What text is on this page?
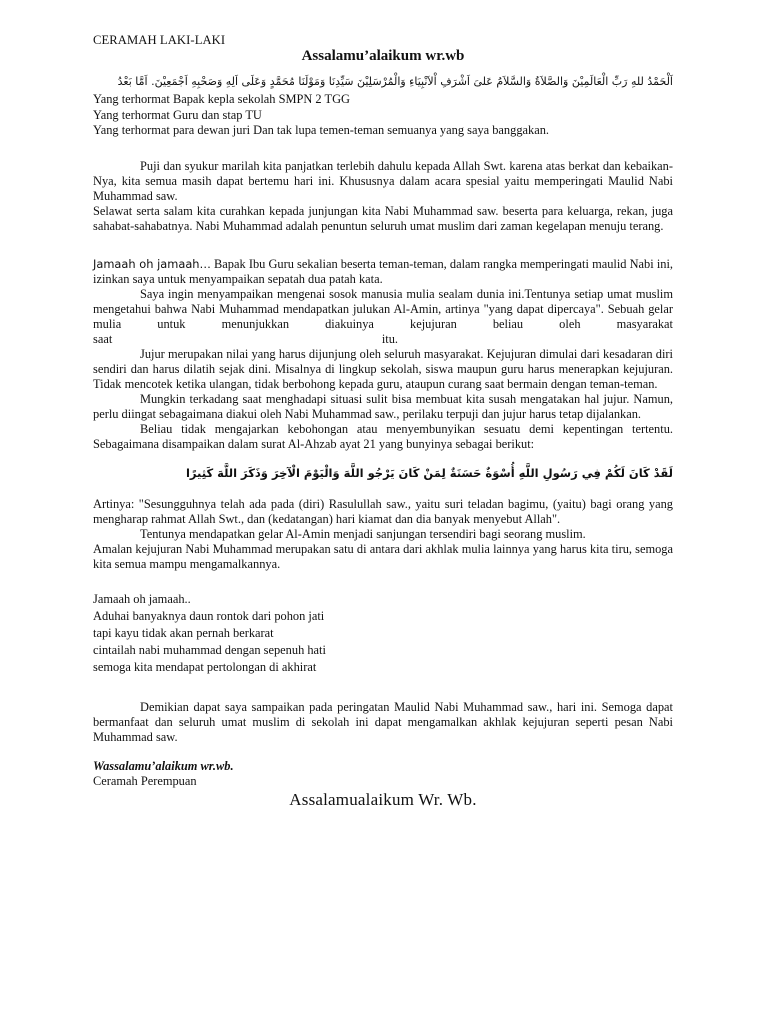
CERAMAH LAKI-LAKI
Assalamu’alaikum wr.wb
اَلْحَمْدُ للهِ رَبِّ الْعَالَمِيْنَ وَالصَّلاَةُ وَالسَّلاَمُ عَلىَ اَشْرَفِ اْلاَنْبِيَاءِ وَالْمُرْسَلِيْنَ سَيِّدِنَا وَمَوْلَنَا مُحَمَّدٍ وَعَلَى اَلِهِ وَصَحْبِهِ اَجْمَعِيْنَ. اَمَّا بَعْدُ
Yang terhormat Bapak kepla sekolah SMPN 2 TGG
Yang terhormat Guru dan stap TU
Yang terhormat para dewan juri Dan tak lupa temen-teman semuanya yang saya banggakan.

Puji dan syukur marilah kita panjatkan terlebih dahulu kepada Allah Swt. karena atas berkat dan kebaikan-Nya, kita semua masih dapat bertemu hari ini. Khususnya dalam acara spesial yaitu memperingati Maulid Nabi Muhammad saw.

Selawat serta salam kita curahkan kepada junjungan kita Nabi Muhammad saw. beserta para keluarga, rekan, juga sahabat-sahabatnya. Nabi Muhammad adalah penuntun seluruh umat muslim dari zaman kegelapan menuju terang.

Jamaah oh jamaah… Bapak Ibu Guru sekalian beserta teman-teman, dalam rangka memperingati maulid Nabi ini, izinkan saya untuk menyampaikan sepatah dua patah kata.

Saya ingin menyampaikan mengenai sosok manusia mulia sealam dunia ini.Tentunya setiap umat muslim mengetahui bahwa Nabi Muhammad mendapatkan julukan Al-Amin, artinya "yang dapat dipercaya". Sebuah gelar mulia untuk menunjukkan diakuinya kejujuran beliau oleh masyarakat

saat	itu.

Jujur merupakan nilai yang harus dijunjung oleh seluruh masyarakat. Kejujuran dimulai dari kesadaran diri sendiri dan harus dilatih sejak dini. Misalnya di lingkup sekolah, siswa maupun guru harus menerapkan kejujuran. Tidak mencotek ketika ulangan, tidak berbohong kepada guru, ataupun curang saat bermain dengan teman-teman.

Mungkin terkadang saat menghadapi situasi sulit bisa membuat kita susah mengatakan hal jujur. Namun, perlu diingat sebagaimana diakui oleh Nabi Muhammad saw., perilaku terpuji dan jujur harus tetap dijalankan.

Beliau tidak mengajarkan kebohongan atau menyembunyikan sesuatu demi kepentingan tertentu. Sebagaimana disampaikan dalam surat Al-Ahzab ayat 21 yang bunyinya sebagai berikut:

لَقَدْ كَانَ لَكُمْ فِي رَسُولِ اللَّهِ أُسْوَةٌ حَسَنَةٌ لِمَنْ كَانَ يَرْجُو اللَّهَ وَالْيَوْمَ الْآخِرَ وَذَكَرَ اللَّهَ كَثِيرًا

Artinya: "Sesungguhnya telah ada pada (diri) Rasulullah saw., yaitu suri teladan bagimu, (yaitu) bagi orang yang mengharap rahmat Allah Swt., dan (kedatangan) hari kiamat dan dia banyak menyebut Allah".

Tentunya mendapatkan gelar Al-Amin menjadi sanjungan tersendiri bagi seorang muslim.

Amalan kejujuran Nabi Muhammad merupakan satu di antara dari akhlak mulia lainnya yang harus kita tiru, semoga kita semua mampu mengamalkannya.

Jamaah oh jamaah..
Aduhai banyaknya daun rontok dari pohon jati
tapi kayu tidak akan pernah berkarat
cintailah nabi muhammad dengan sepenuh hati
semoga kita mendapat pertolongan di akhirat

Demikian dapat saya sampaikan pada peringatan Maulid Nabi Muhammad saw., hari ini. Semoga dapat bermanfaat dan seluruh umat muslim di sekolah ini dapat mengamalkan akhlak kejujuran seperti pesan Nabi Muhammad saw.

Wassalamu’alaikum wr.wb.
Ceramah Perempuan
Assalamualaikum Wr. Wb.
